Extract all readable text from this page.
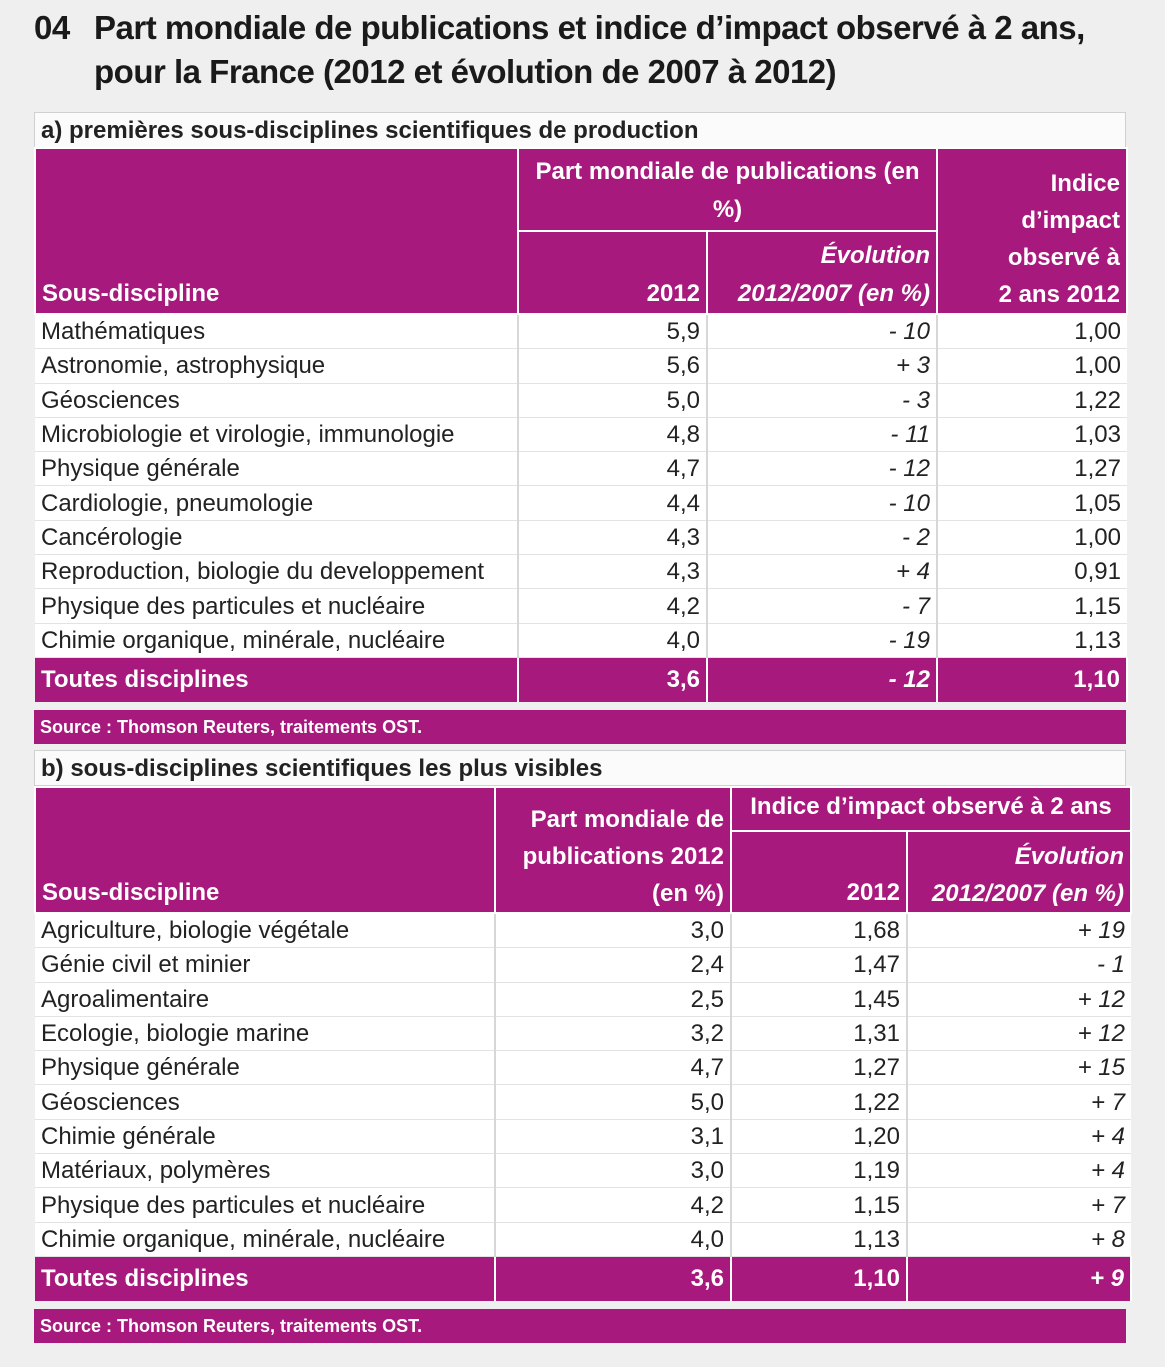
04 Part mondiale de publications et indice d’impact observé à 2 ans,
pour la France (2012 et évolution de 2007 à 2012)
a) premières sous-disciplines scientifiques de production
Sous-discipline	Part mondiale de publications (en %)		Indice
d’impact
observé à
2 ans 2012

	2012	Évolution
2012/2007 (en %)	

Mathématiques	5,9	- 10	1,00
Astronomie, astrophysique	5,6	+ 3	1,00
Géosciences	5,0	- 3	1,22
Microbiologie et virologie, immunologie	4,8	- 11	1,03
Physique générale	4,7	- 12	1,27
Cardiologie, pneumologie	4,4	- 10	1,05
Cancérologie	4,3	- 2	1,00
Reproduction, biologie du developpement	4,3	+ 4	0,91
Physique des particules et nucléaire	4,2	- 7	1,15
Chimie organique, minérale, nucléaire	4,0	- 19	1,13
Toutes disciplines	3,6	- 12	1,10
Source : Thomson Reuters, traitements OST.
b) sous-disciplines scientifiques les plus visibles
Sous-discipline	Part mondiale de
publications 2012
(en %)	Indice d’impact observé à 2 ans	
		2012	Évolution
2012/2007 (en %)

Agriculture, biologie végétale	3,0	1,68	+ 19
Génie civil et minier	2,4	1,47	- 1
Agroalimentaire	2,5	1,45	+ 12
Ecologie, biologie marine	3,2	1,31	+ 12
Physique générale	4,7	1,27	+ 15
Géosciences	5,0	1,22	+ 7
Chimie générale	3,1	1,20	+ 4
Matériaux, polymères	3,0	1,19	+ 4
Physique des particules et nucléaire	4,2	1,15	+ 7
Chimie organique, minérale, nucléaire	4,0	1,13	+ 8
Toutes disciplines	3,6	1,10	+ 9
Source : Thomson Reuters, traitements OST.
